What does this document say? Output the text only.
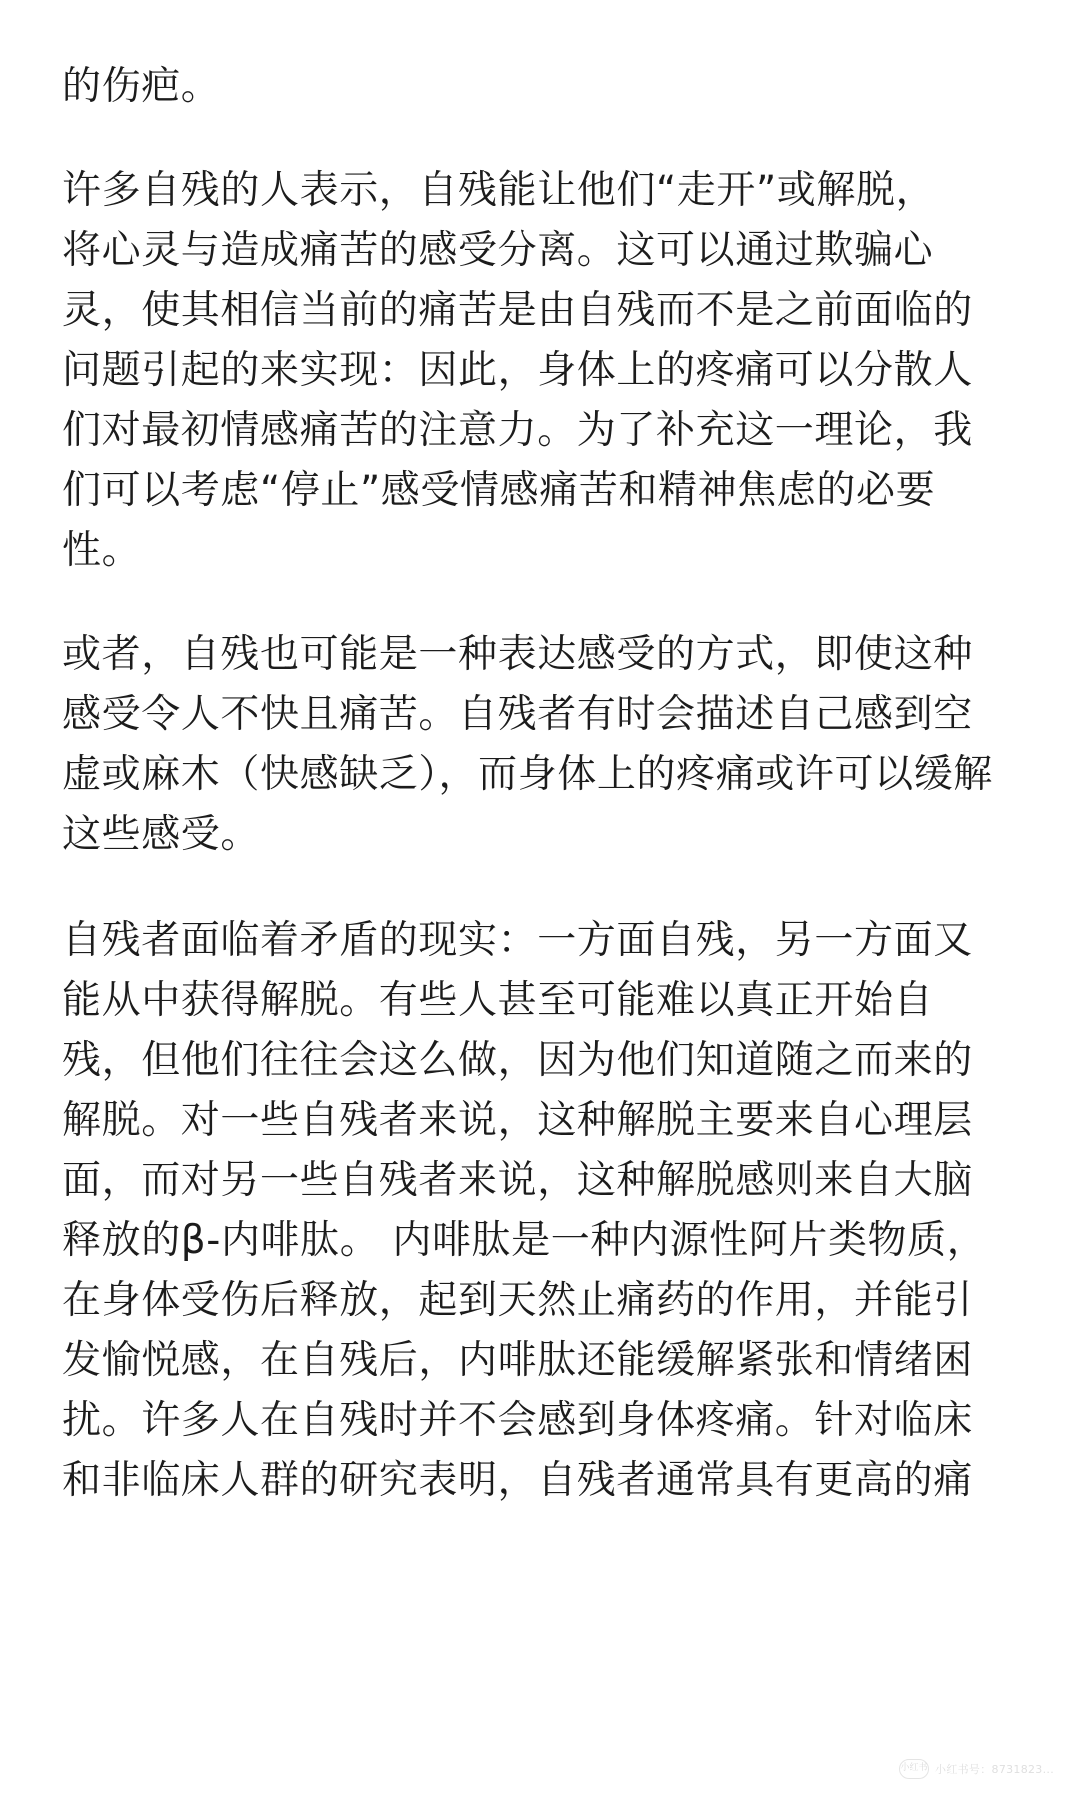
的伤疤。
许多自残的人表示，自残能让他们“走开”或解脱，
将心灵与造成痛苦的感受分离。这可以通过欺骗心
灵，使其相信当前的痛苦是由自残而不是之前面临的
问题引起的来实现：因此，身体上的疼痛可以分散人
们对最初情感痛苦的注意力。为了补充这一理论，我
们可以考虑“停止”感受情感痛苦和精神焦虑的必要
性。
或者，自残也可能是一种表达感受的方式，即使这种
感受令人不快且痛苦。自残者有时会描述自己感到空
虚或麻木（快感缺乏），而身体上的疼痛或许可以缓解
这些感受。
自残者面临着矛盾的现实：一方面自残，另一方面又
能从中获得解脱。有些人甚至可能难以真正开始自
残，但他们往往会这么做，因为他们知道随之而来的
解脱。对一些自残者来说，这种解脱主要来自心理层
面，而对另一些自残者来说，这种解脱感则来自大脑
释放的β-内啡肽。 内啡肽是一种内源性阿片类物质，
在身体受伤后释放，起到天然止痛药的作用，并能引
发愉悦感，在自残后，内啡肽还能缓解紧张和情绪困
扰。许多人在自残时并不会感到身体疼痛。针对临床
和非临床人群的研究表明，自残者通常具有更高的痛
小红书 小红书号：8731823...
